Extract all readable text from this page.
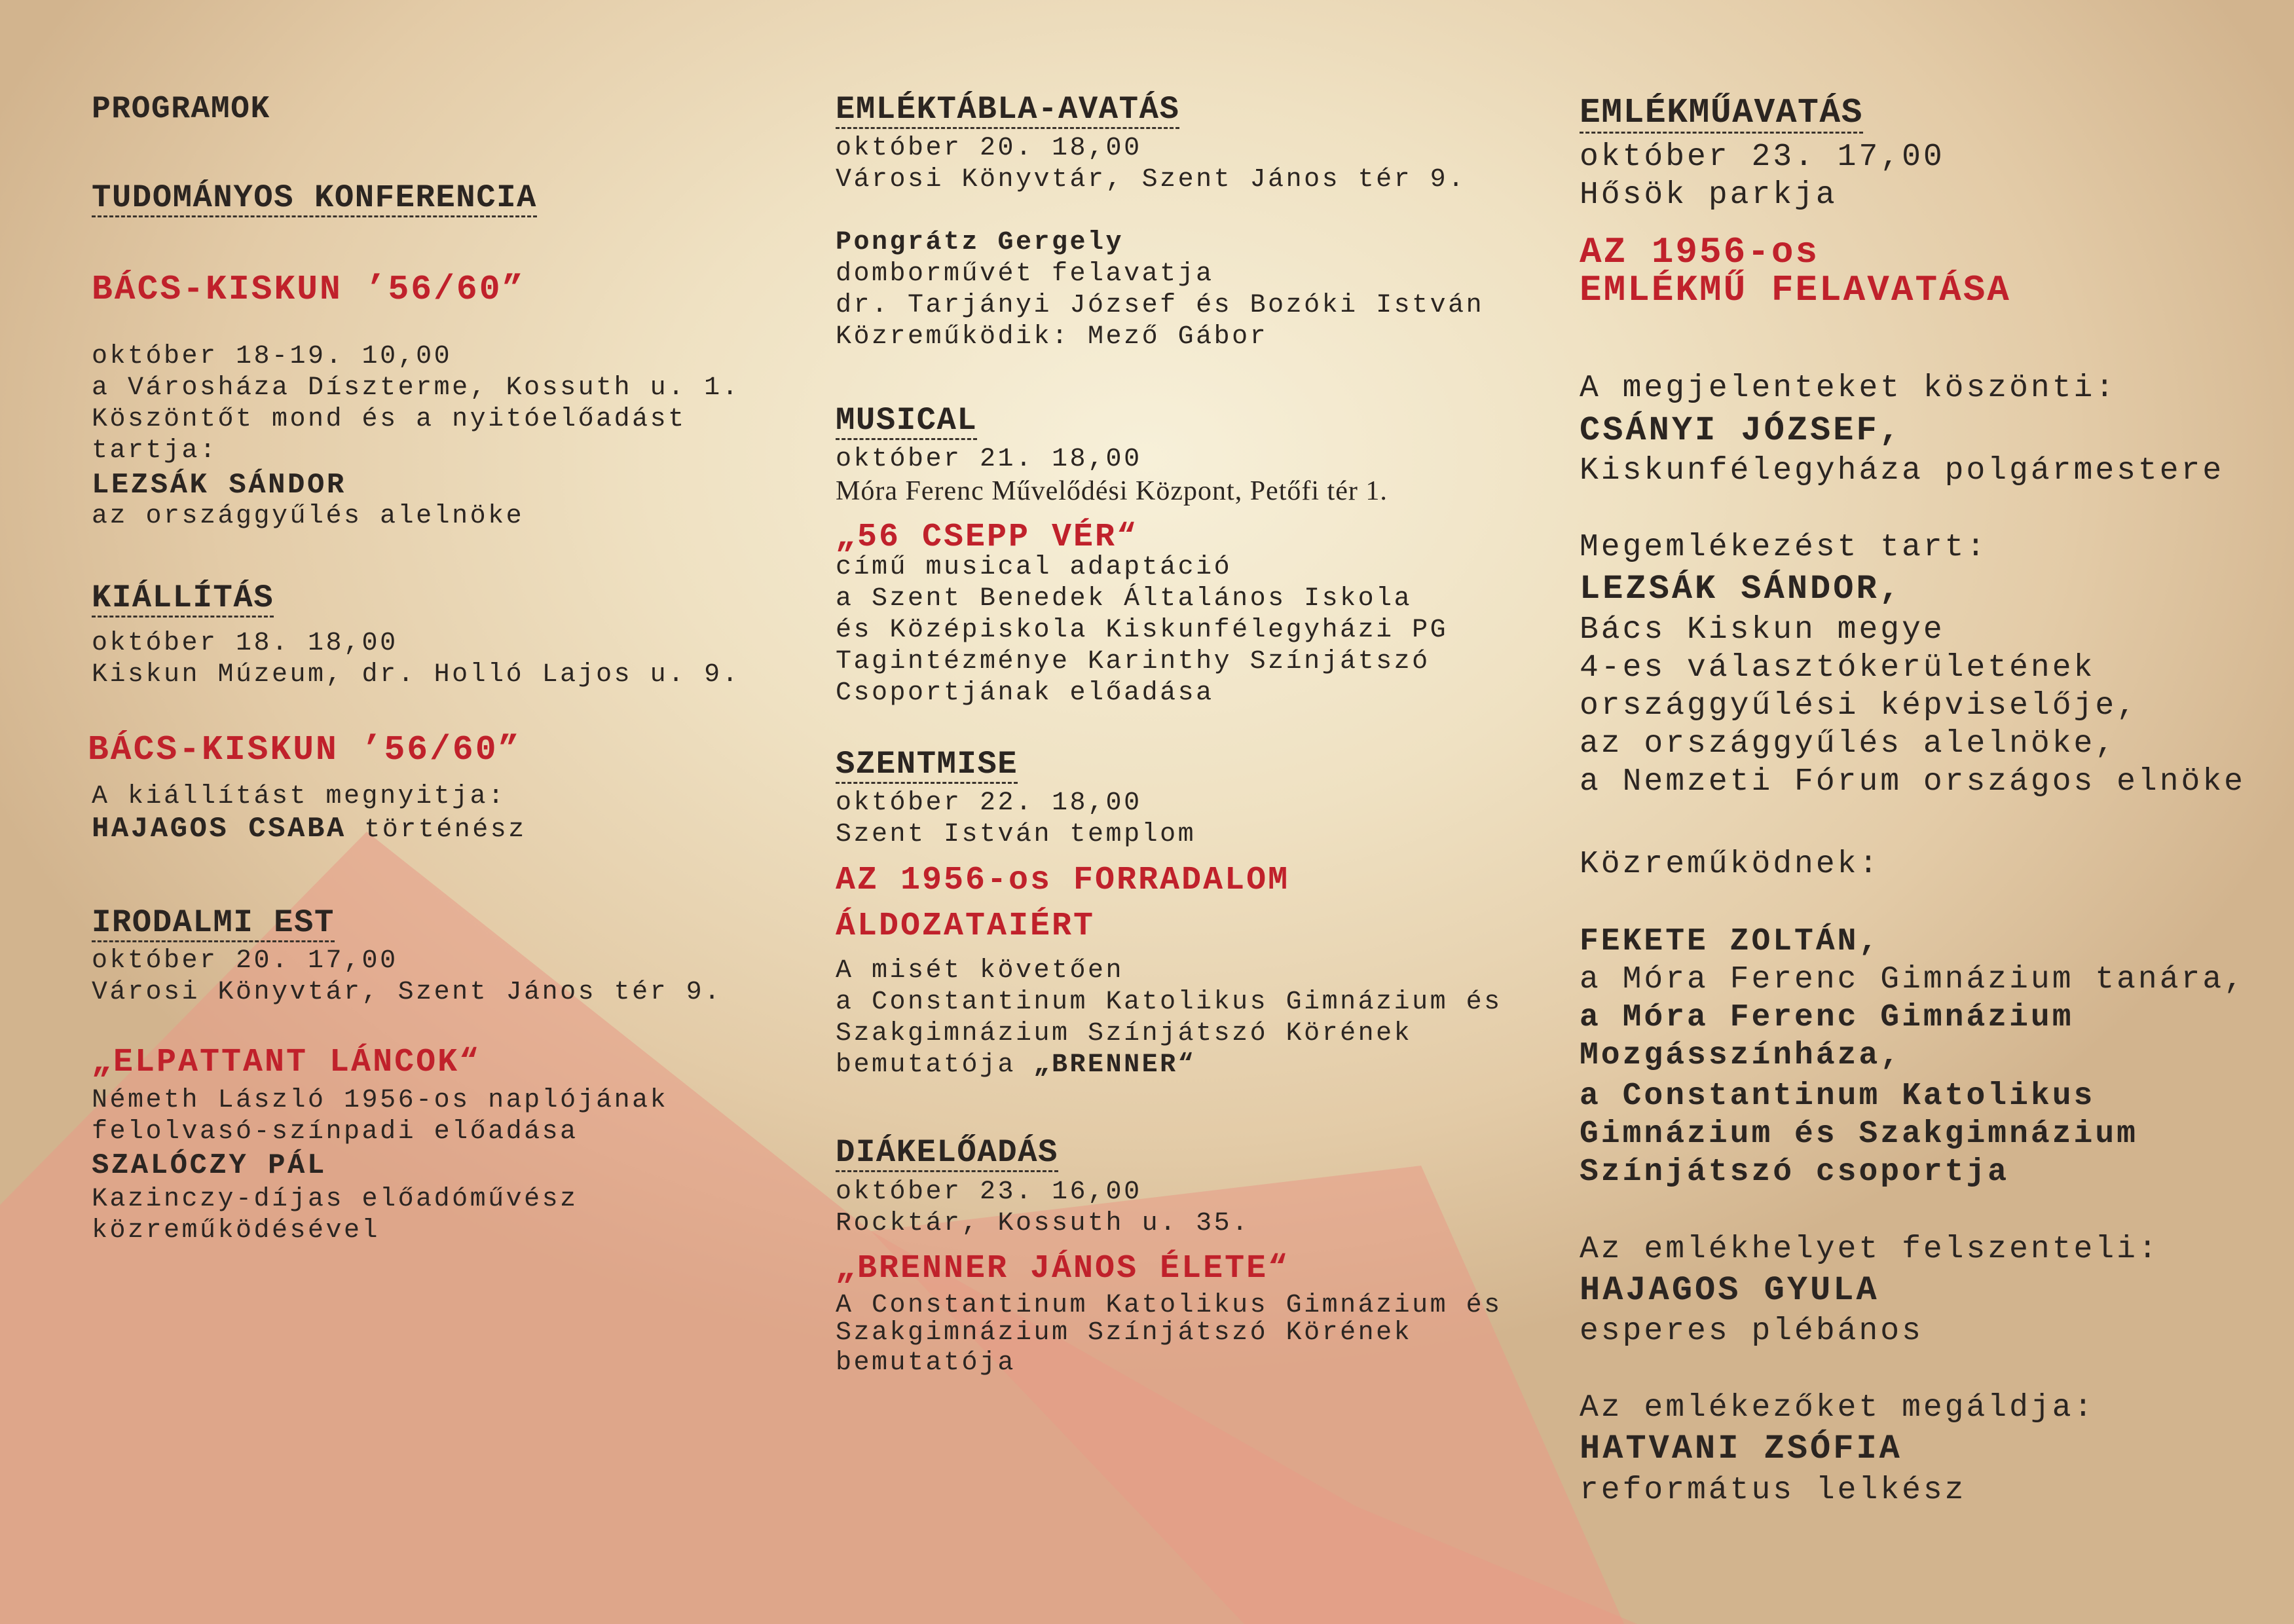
PROGRAMOK
TUDOMÁNYOS KONFERENCIA
BÁCS-KISKUN ’56/60”
október 18-19. 10,00
a Városháza Díszterme, Kossuth u. 1.
Köszöntőt mond és a nyitóelőadást
tartja:
LEZSÁK SÁNDOR
az országgyűlés alelnöke
KIÁLLÍTÁS
október 18. 18,00
Kiskun Múzeum, dr. Holló Lajos u. 9.
BÁCS-KISKUN ’56/60”
A kiállítást megnyitja:
HAJAGOS CSABA történész
IRODALMI EST
október 20. 17,00
Városi Könyvtár, Szent János tér 9.
„ELPATTANT LÁNCOK“
Németh László 1956-os naplójának
felolvasó-színpadi előadása
SZALÓCZY PÁL
Kazinczy-díjas előadóművész
közreműködésével
EMLÉKTÁBLA-AVATÁS
október 20. 18,00
Városi Könyvtár, Szent János tér 9.
Pongrátz Gergely
domborművét felavatja
dr. Tarjányi József és Bozóki István
Közreműködik: Mező Gábor
MUSICAL
október 21. 18,00
Móra Ferenc Művelődési Központ, Petőfi tér 1.
„56 CSEPP VÉR“
című musical adaptáció
a Szent Benedek Általános Iskola
és Középiskola Kiskunfélegyházi PG
Tagintézménye Karinthy Színjátszó
Csoportjának előadása
SZENTMISE
október 22. 18,00
Szent István templom
AZ 1956-os FORRADALOM
ÁLDOZATAIÉRT
A misét követően
a Constantinum Katolikus Gimnázium és
Szakgimnázium Színjátszó Körének
bemutatója „BRENNER“
DIÁKELŐADÁS
október 23. 16,00
Rocktár, Kossuth u. 35.
„BRENNER JÁNOS ÉLETE“
A Constantinum Katolikus Gimnázium és
Szakgimnázium Színjátszó Körének
bemutatója
EMLÉKMŰAVATÁS
október 23. 17,00
Hősök parkja
AZ 1956-os
EMLÉKMŰ FELAVATÁSA
A megjelenteket köszönti:
CSÁNYI JÓZSEF,
Kiskunfélegyháza polgármestere
Megemlékezést tart:
LEZSÁK SÁNDOR,
Bács Kiskun megye
4-es választókerületének
országgyűlési képviselője,
az országgyűlés alelnöke,
a Nemzeti Fórum országos elnöke
Közreműködnek:
FEKETE ZOLTÁN,
a Móra Ferenc Gimnázium tanára,
a Móra Ferenc Gimnázium
Mozgásszínháza,
a Constantinum Katolikus
Gimnázium és Szakgimnázium
Színjátszó csoportja
Az emlékhelyet felszenteli:
HAJAGOS GYULA
esperes plébános
Az emlékezőket megáldja:
HATVANI ZSÓFIA
református lelkész
